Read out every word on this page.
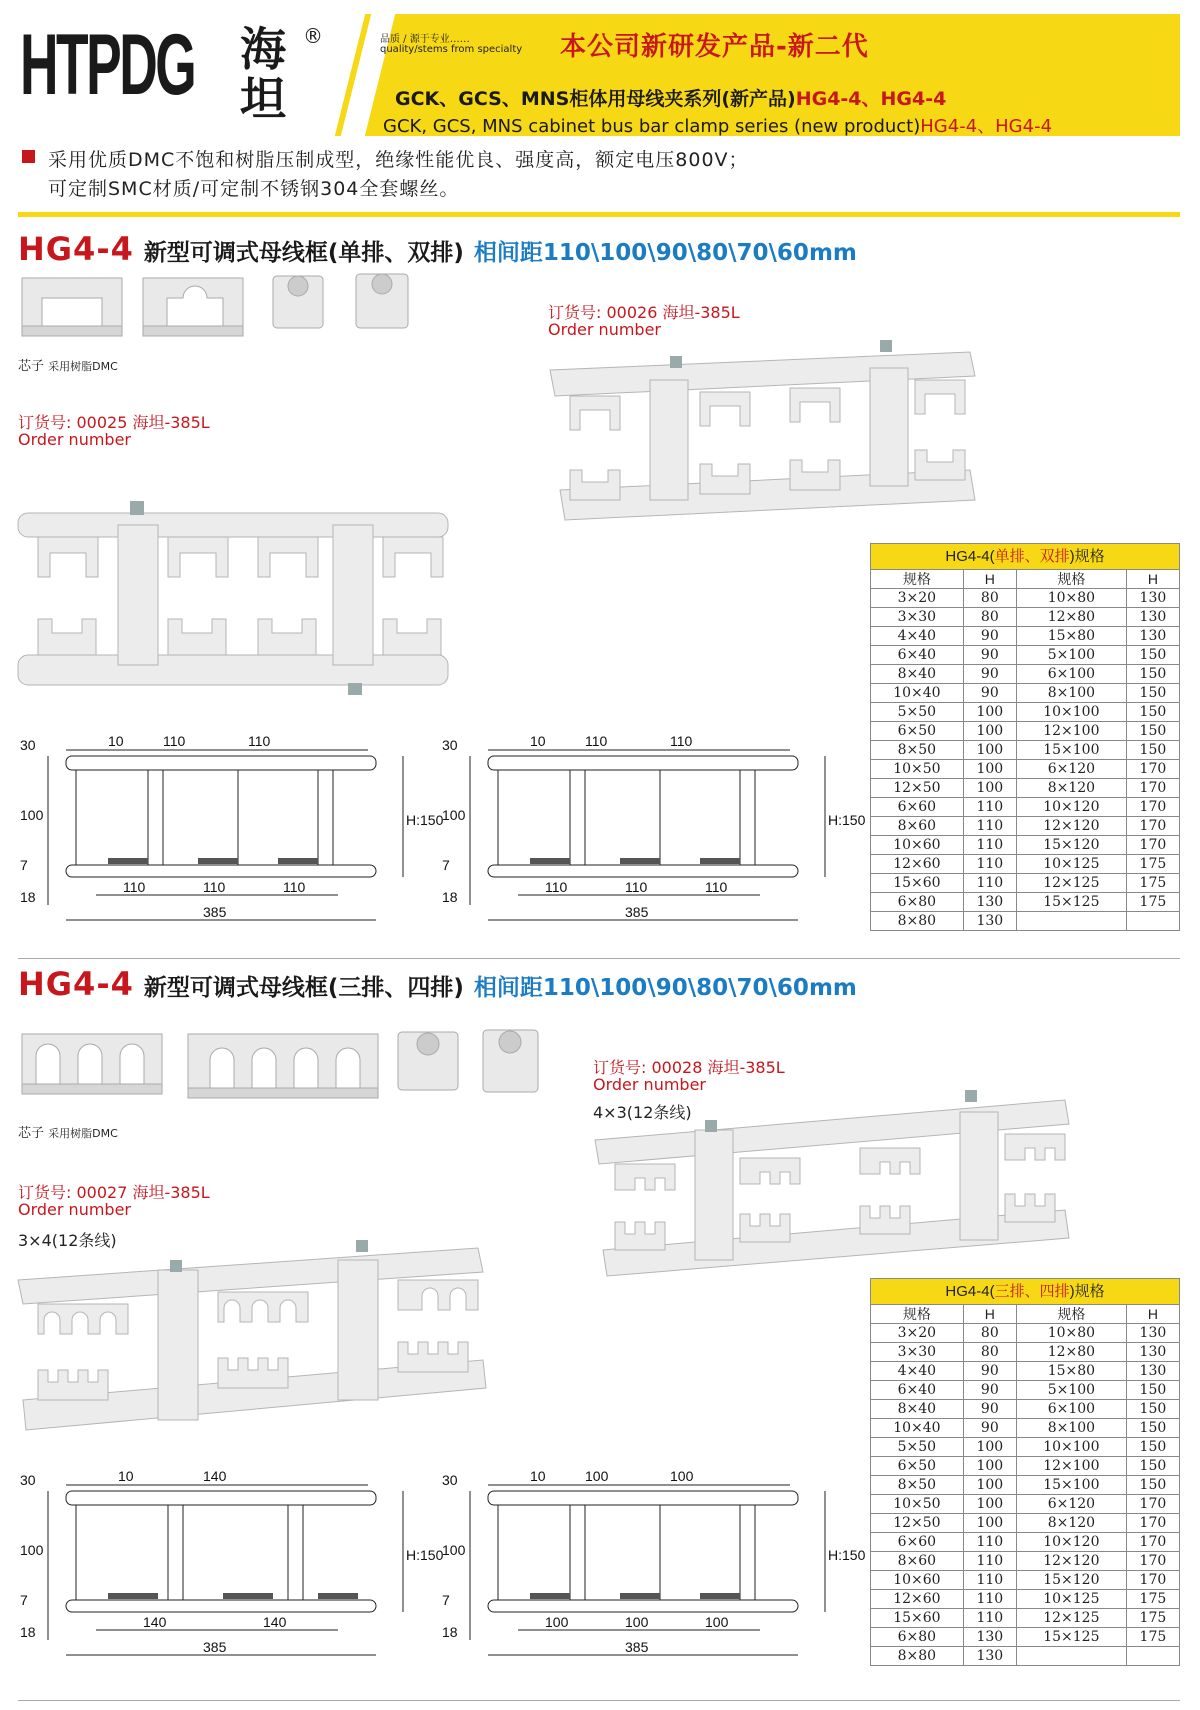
HTPDG 海坦
®	品质 / 源于专业……
quality/stems from specialty 本公司新研发产品-新二代
GCK、GCS、MNS柜体用母线夹系列(新产品)HG4-4、HG4-4
GCK, GCS, MNS cabinet bus bar clamp series (new product)HG4-4、HG4-4
采用优质DMC不饱和树脂压制成型，绝缘性能优良、强度高，额定电压800V；
可定制SMC材质/可定制不锈钢304全套螺丝。
HG4-4 新型可调式母线框(单排、双排) 相间距110\100\90\80\70\60mm
芯子 采用树脂DMC
订货号: 00025 海坦-385L
Order number
订货号: 00026 海坦-385L
Order number
HG4-4(单排、双排)规格			
规格	H	规格	H
3×20	80	10×80	130
3×30	80	12×80	130
4×40	90	15×80	130
6×40	90	5×100	150
8×40	90	6×100	150
10×40	90	8×100	150
5×50	100	10×100	150
6×50	100	12×100	150
8×50	100	15×100	150
10×50	100	6×120	170
12×50	100	8×120	170
6×60	110	10×120	170
8×60	110	12×120	170
10×60	110	15×120	170
12×60	110	10×125	175
15×60	110	12×125	175
6×80	130	15×125	175
8×80	130		
10	110	110
110	110	110
385
30
100
7
18
H:150
10	110	110
110	110	110
385
30
100
7
18
H:150
HG4-4 新型可调式母线框(三排、四排) 相间距110\100\90\80\70\60mm
芯子 采用树脂DMC
订货号: 00027 海坦-385L
Order number
3×4(12条线)
订货号: 00028 海坦-385L
Order number
4×3(12条线)
HG4-4(三排、四排)规格			
规格	H	规格	H
3×20	80	10×80	130
3×30	80	12×80	130
4×40	90	15×80	130
6×40	90	5×100	150
8×40	90	6×100	150
10×40	90	8×100	150
5×50	100	10×100	150
6×50	100	12×100	150
8×50	100	15×100	150
10×50	100	6×120	170
12×50	100	8×120	170
6×60	110	10×120	170
8×60	110	12×120	170
10×60	110	15×120	170
12×60	110	10×125	175
15×60	110	12×125	175
6×80	130	15×125	175
8×80	130		
10	140
140	140
385
30
100
7
18
H:150
10	100	100
100	100	100
385
30
100
7
18
H:150
